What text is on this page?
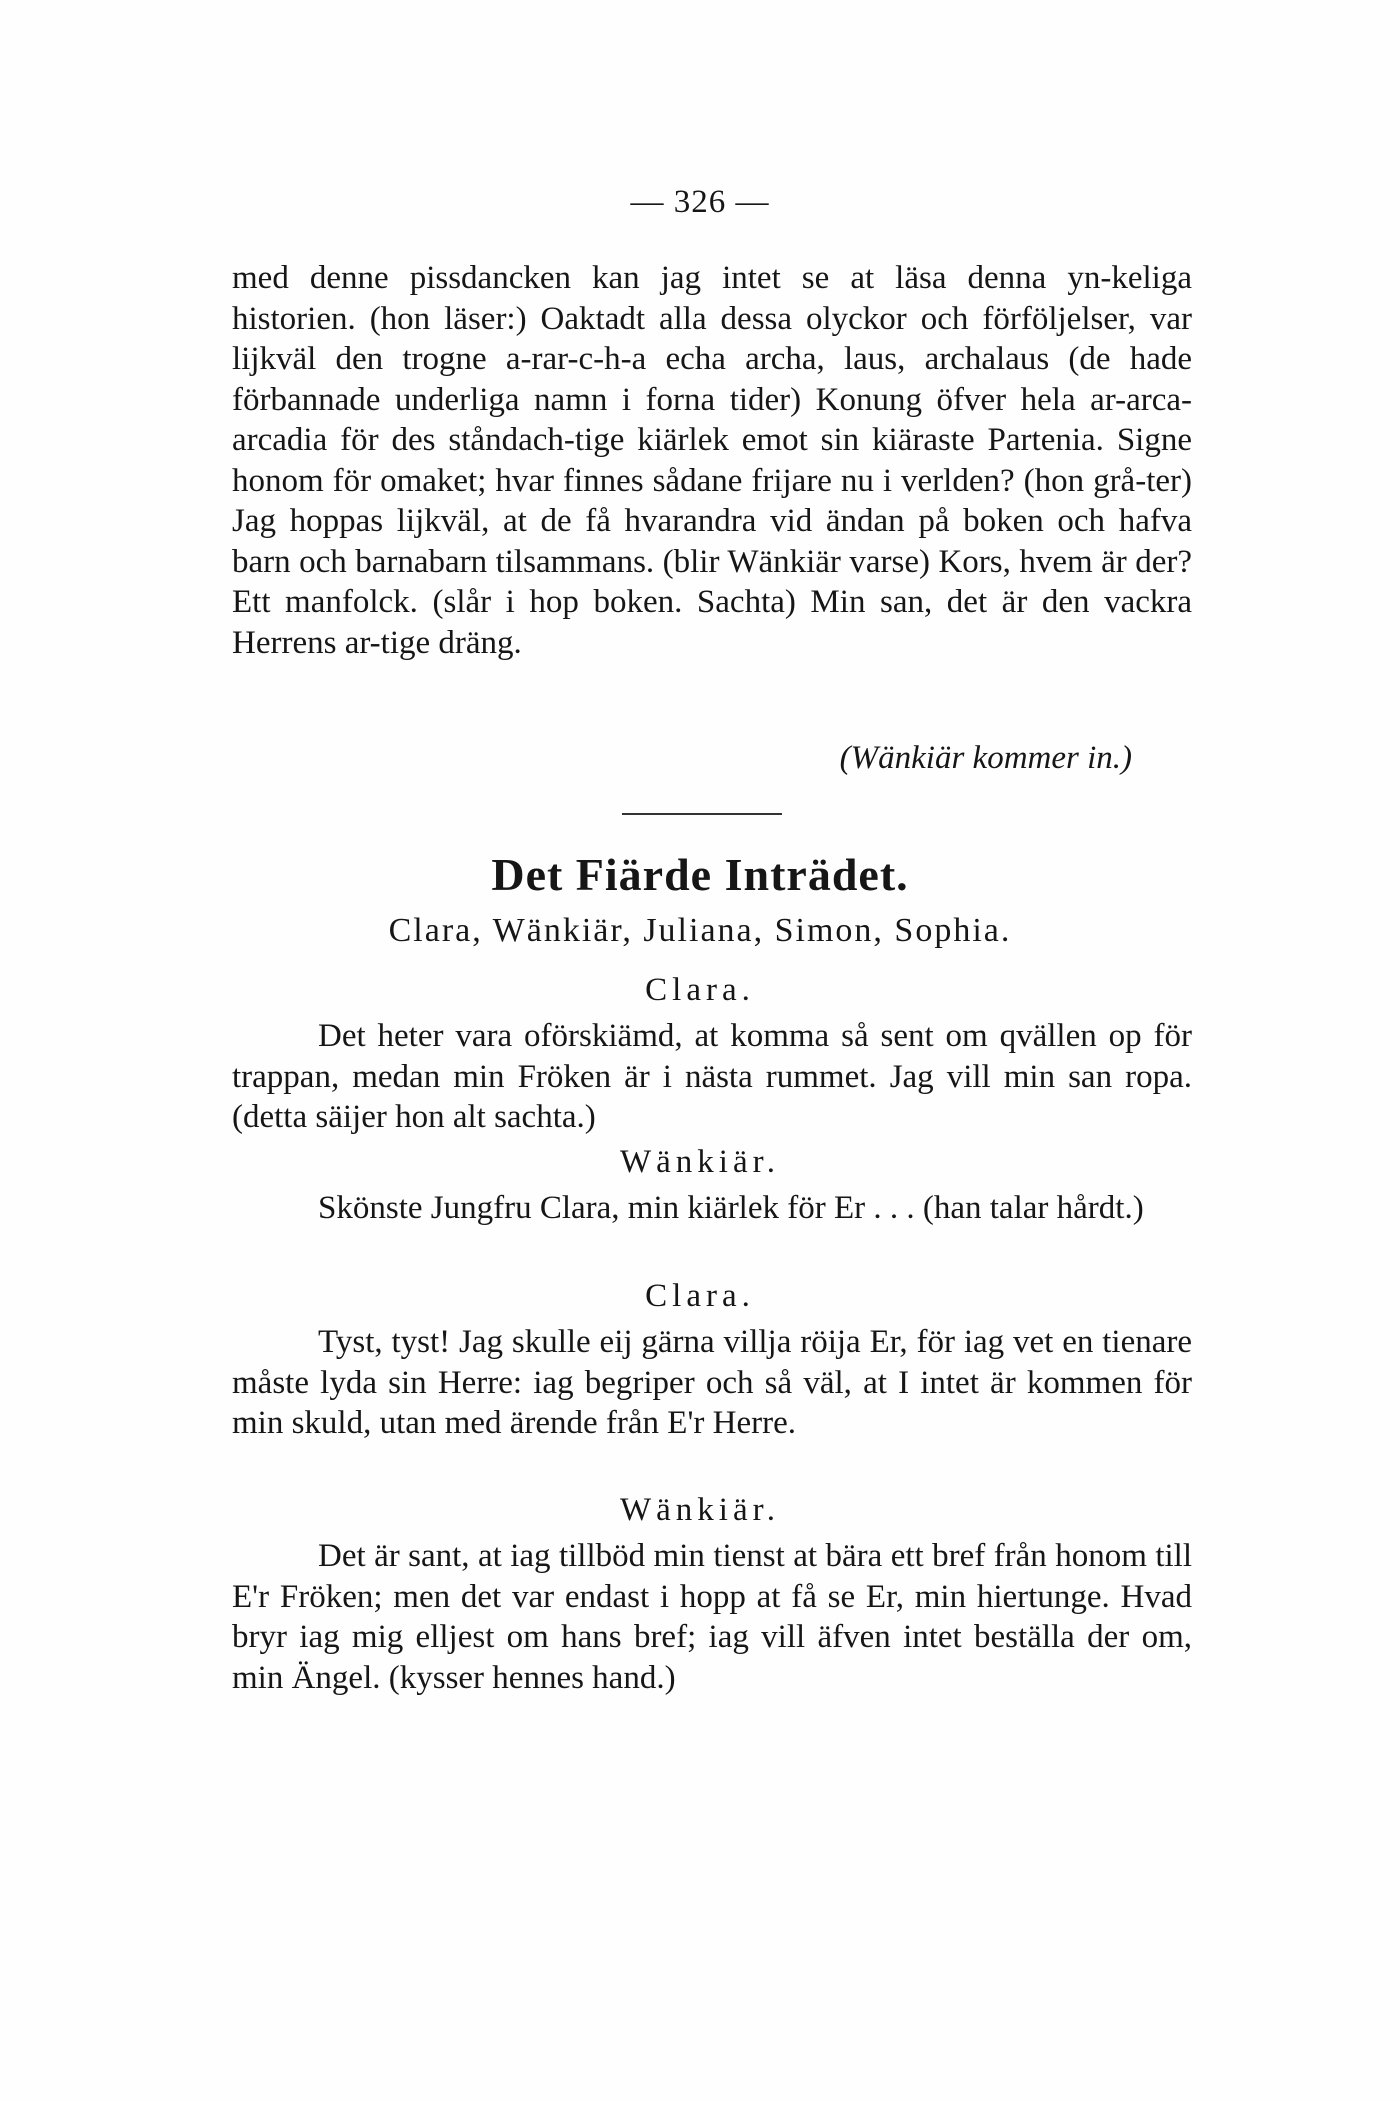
— 326 —

med denne pissdancken kan jag intet se at läsa denna yn-keliga historien. (hon läser:) Oaktadt alla dessa olyckor och förföljelser, var lijkväl den trogne a-rar-c-h-a echa archa, laus, archalaus (de hade förbannade underliga namn i forna tider) Konung öfver hela ar-arca-arcadia för des ståndach-tige kiärlek emot sin kiäraste Partenia. Signe honom för omaket; hvar finnes sådane frijare nu i verlden? (hon grå-ter) Jag hoppas lijkväl, at de få hvarandra vid ändan på boken och hafva barn och barnabarn tilsammans. (blir Wänkiär varse) Kors, hvem är der? Ett manfolck. (slår i hop boken. Sachta) Min san, det är den vackra Herrens ar-tige dräng.

(Wänkiär kommer in.)
Det Fiärde Inträdet.
Clara, Wänkiär, Juliana, Simon, Sophia.
Clara.
Det heter vara oförskiämd, at komma så sent om qvällen op för trappan, medan min Fröken är i nästa rummet. Jag vill min san ropa. (detta säijer hon alt sachta.)
Wänkiär.
Skönste Jungfru Clara, min kiärlek för Er . . . (han talar hårdt.)
Clara.
Tyst, tyst! Jag skulle eij gärna villja röija Er, för iag vet en tienare måste lyda sin Herre: iag begriper och så väl, at I intet är kommen för min skuld, utan med ärende från E'r Herre.
Wänkiär.
Det är sant, at iag tillböd min tienst at bära ett bref från honom till E'r Fröken; men det var endast i hopp at få se Er, min hiertunge. Hvad bryr iag mig elljest om hans bref; iag vill äfven intet beställa der om, min Ängel. (kysser hennes hand.)
